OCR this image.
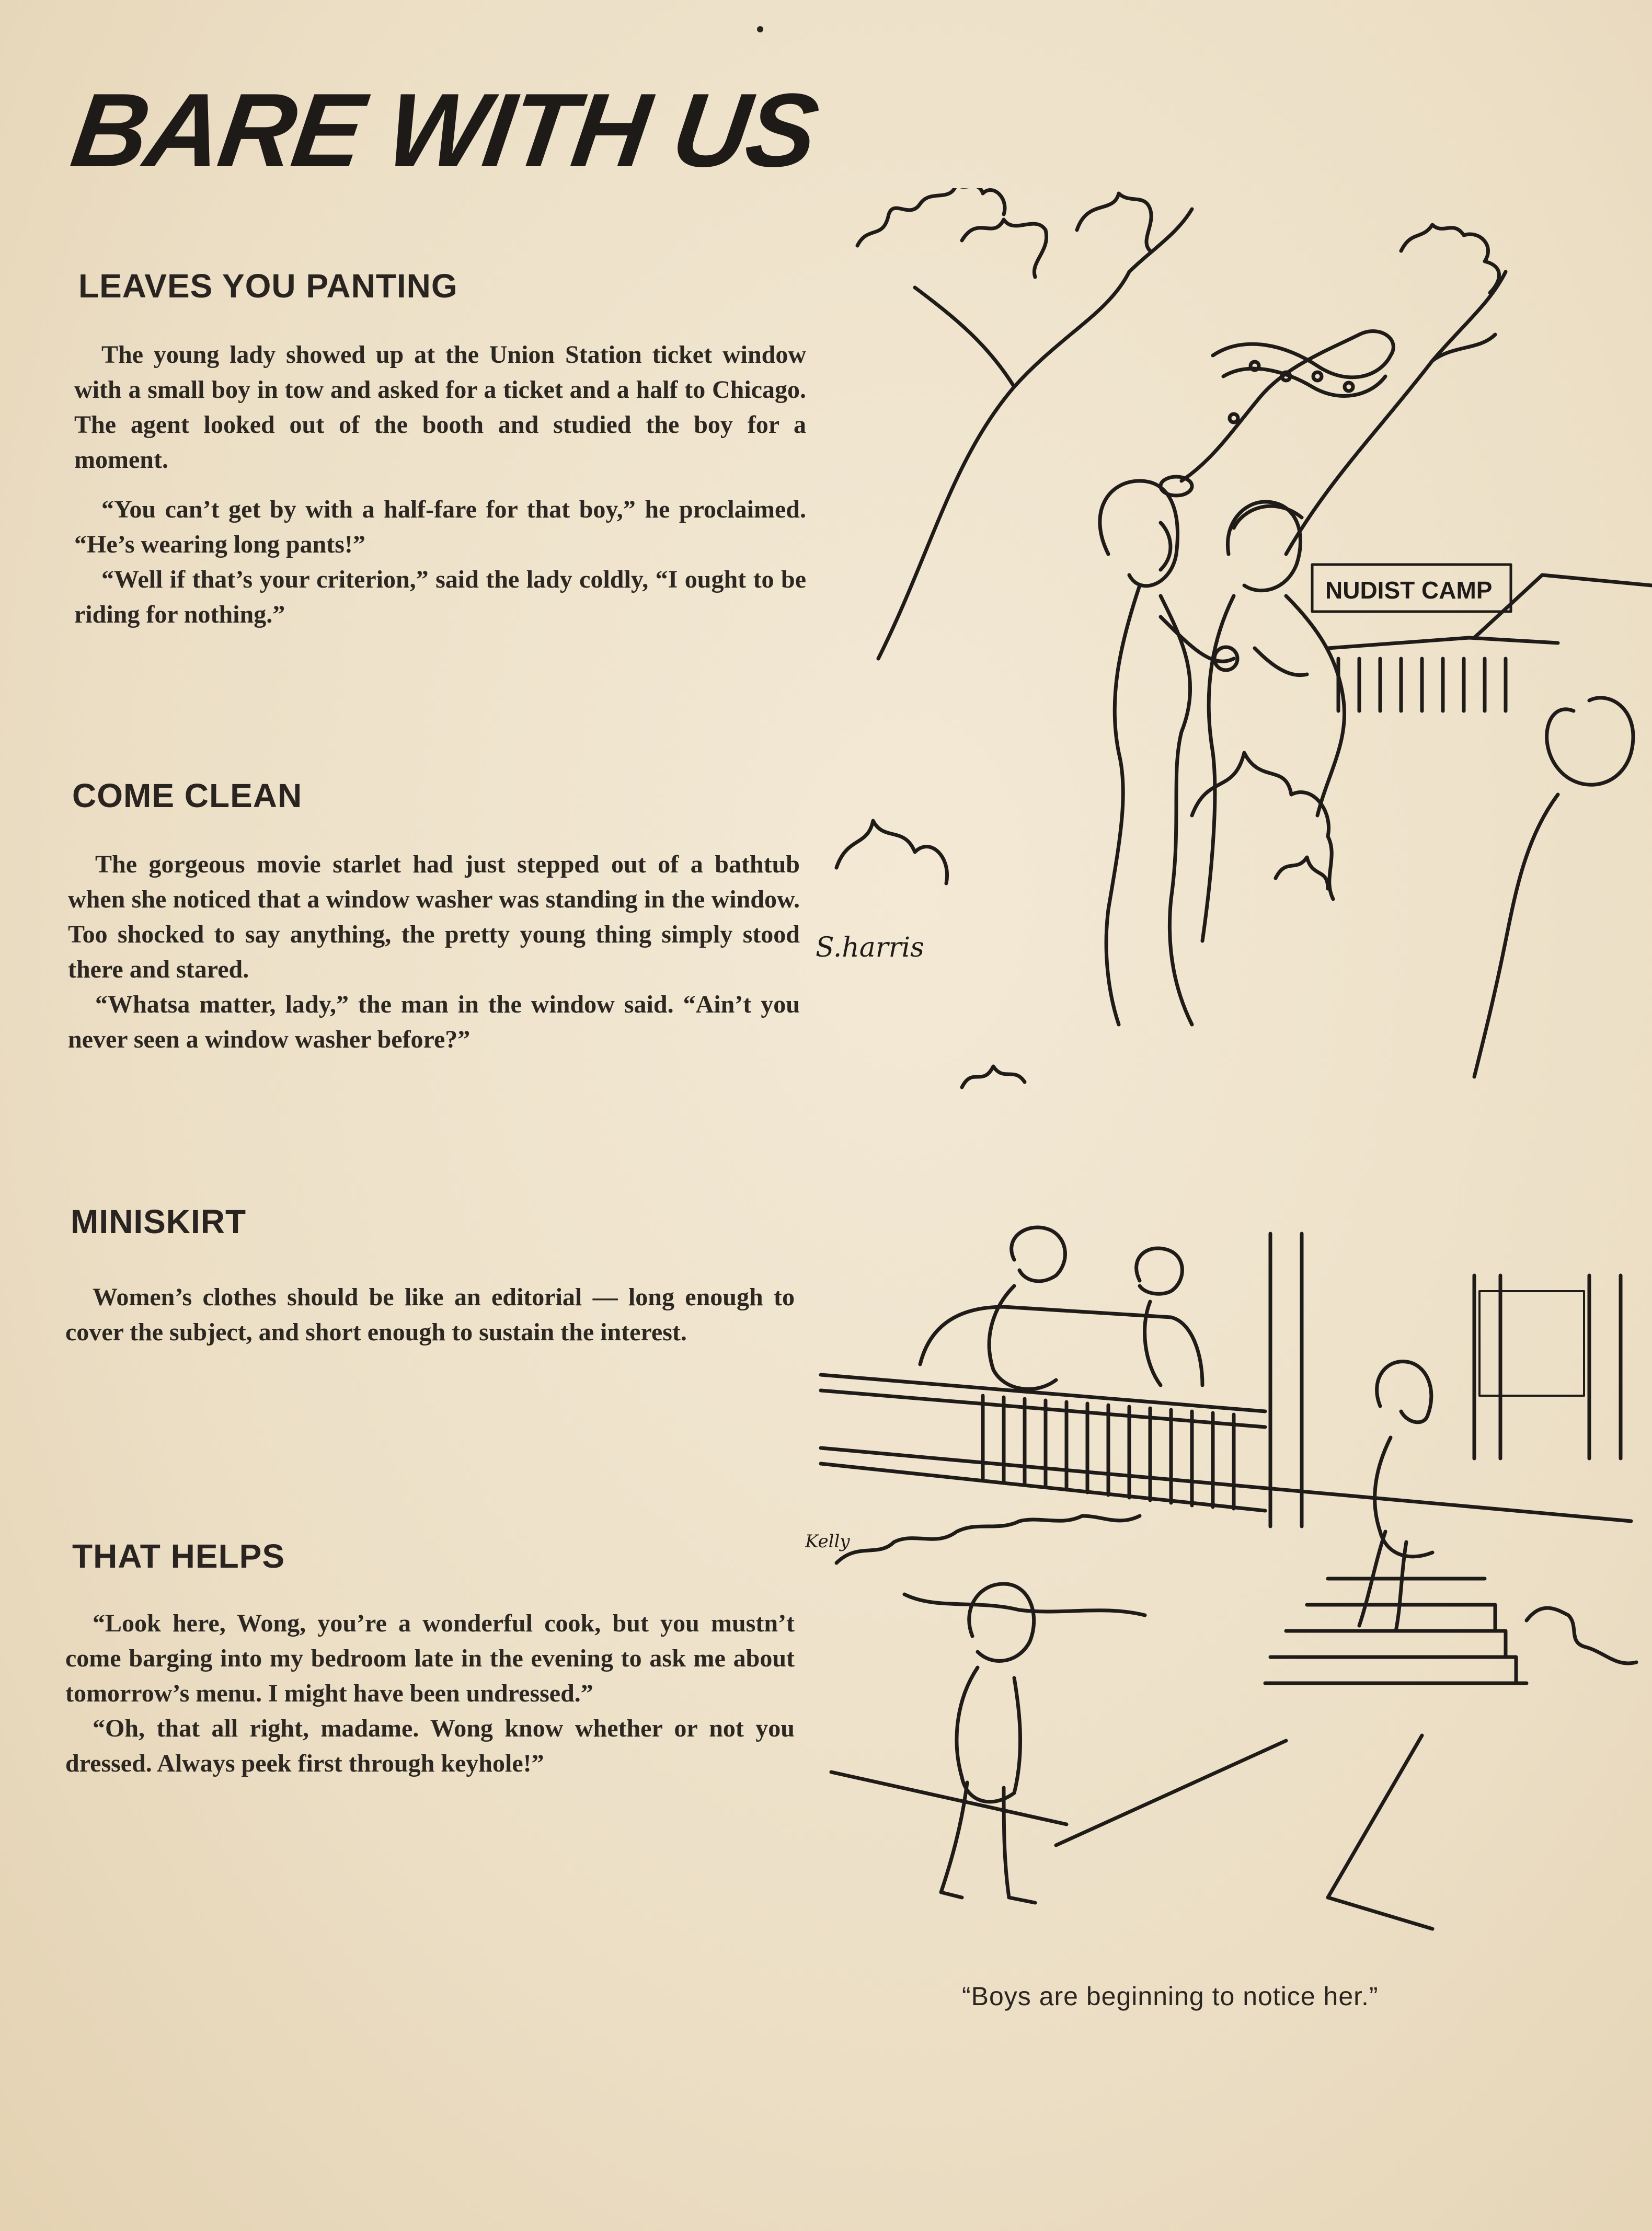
BARE WITH US
LEAVES YOU PANTING

The young lady showed up at the Union Station ticket window with a small boy in tow and asked for a ticket and a half to Chicago. The agent looked out of the booth and studied the boy for a moment.

“You can’t get by with a half-fare for that boy,” he proclaimed. “He’s wearing long pants!”

“Well if that’s your criterion,” said the lady coldly, “I ought to be riding for nothing.”

COME CLEAN

The gorgeous movie starlet had just stepped out of a bathtub when she noticed that a window washer was standing in the window. Too shocked to say anything, the pretty young thing simply stood there and stared.

“Whatsa matter, lady,” the man in the window said. “Ain’t you never seen a window washer before?”

MINISKIRT

Women’s clothes should be like an editorial — long enough to cover the subject, and short enough to sustain the interest.

THAT HELPS

“Look here, Wong, you’re a wonderful cook, but you mustn’t come barging into my bedroom late in the evening to ask me about tomorrow’s menu. I might have been undressed.”

“Oh, that all right, madame. Wong know whether or not you dressed. Always peek first through keyhole!”

NUDIST CAMP
S.harris
Kelly
“Boys are beginning to notice her.”
